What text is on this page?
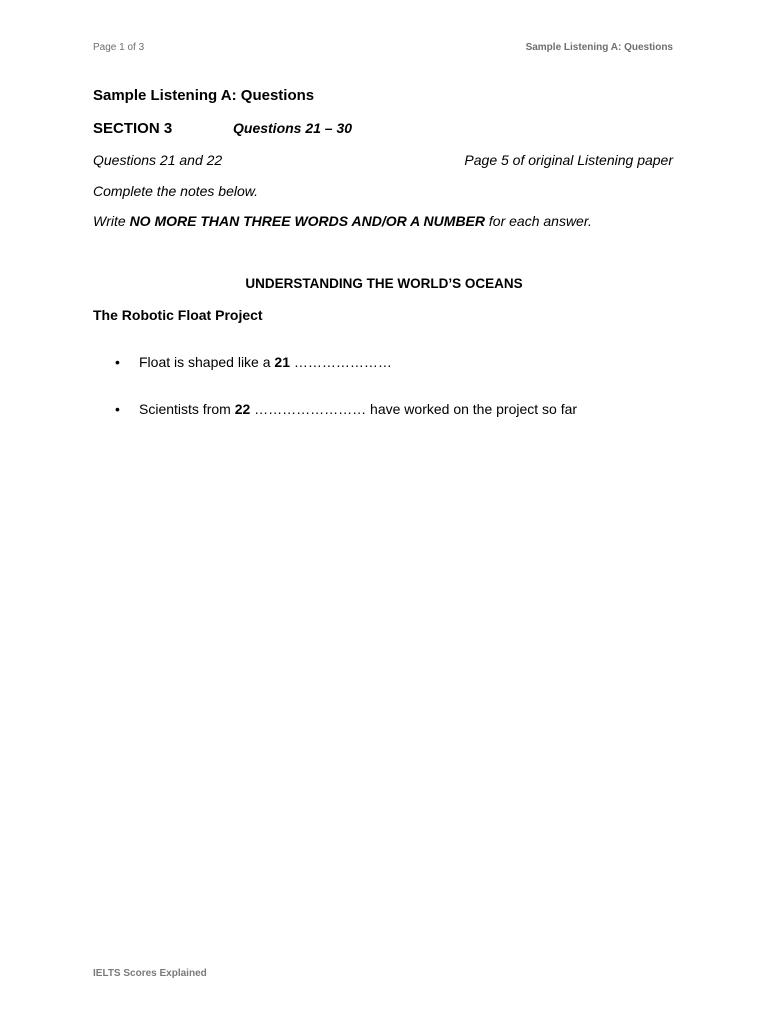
Page 1 of 3	Sample Listening A: Questions
Sample Listening A: Questions
SECTION 3	Questions 21 – 30
Questions 21 and 22	Page 5 of original Listening paper
Complete the notes below.
Write NO MORE THAN THREE WORDS AND/OR A NUMBER for each answer.
UNDERSTANDING THE WORLD’S OCEANS
The Robotic Float Project
•	Float is shaped like a 21 …………………
•	Scientists from 22 …………………… have worked on the project so far
IELTS Scores Explained
